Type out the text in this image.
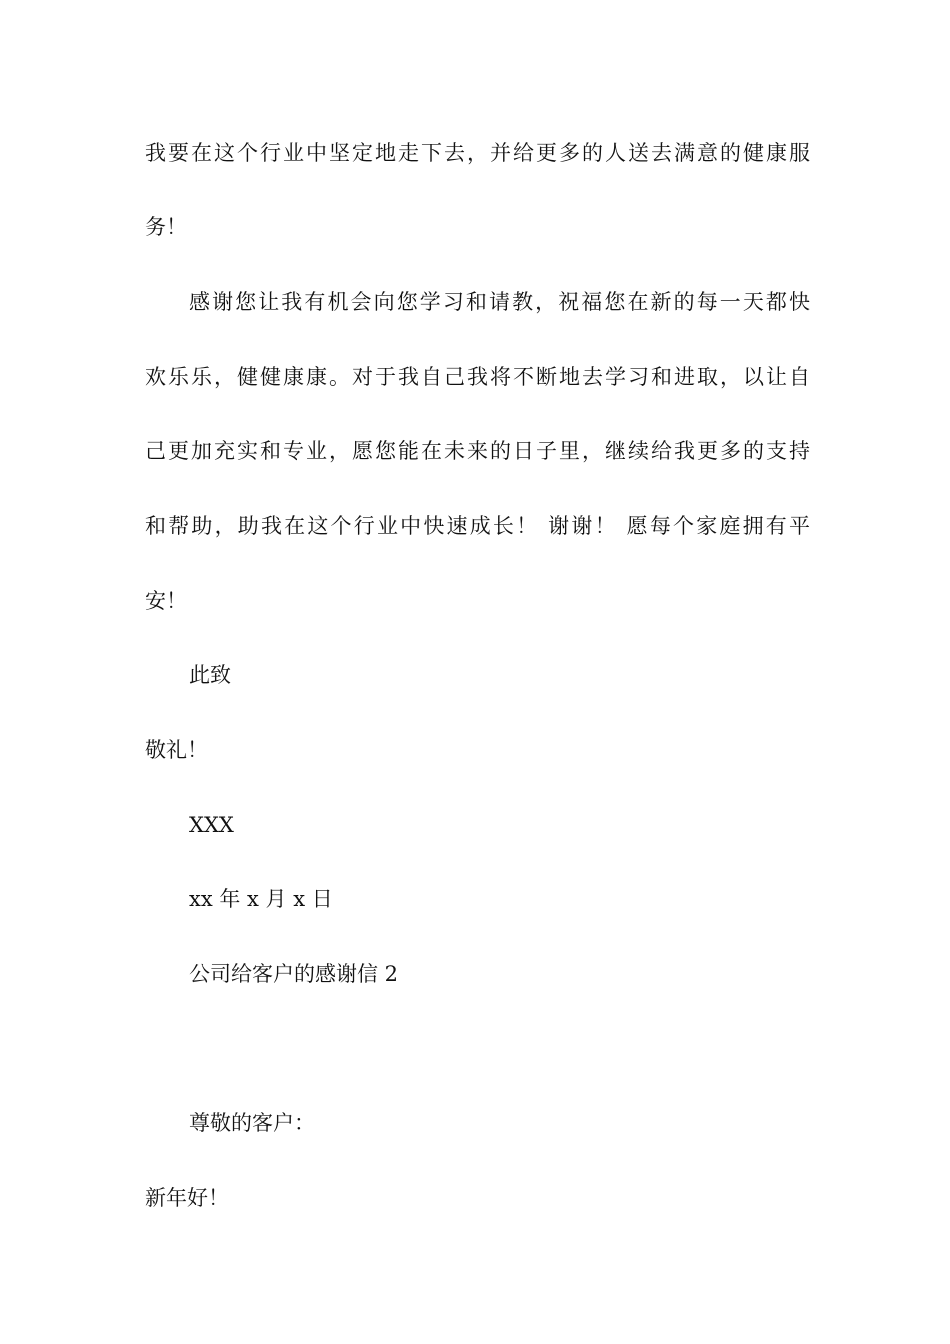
我要在这个行业中坚定地走下去，并给更多的人送去满意的健康服
务！
感谢您让我有机会向您学习和请教，祝福您在新的每一天都快
欢乐乐，健健康康。对于我自己我将不断地去学习和进取，以让自
己更加充实和专业，愿您能在未来的日子里，继续给我更多的支持
和帮助，助我在这个行业中快速成长！ 谢谢！ 愿每个家庭拥有平
安！
此致
敬礼！
XXX
xx 年 x 月 x 日
公司给客户的感谢信 2
尊敬的客户：
新年好！
